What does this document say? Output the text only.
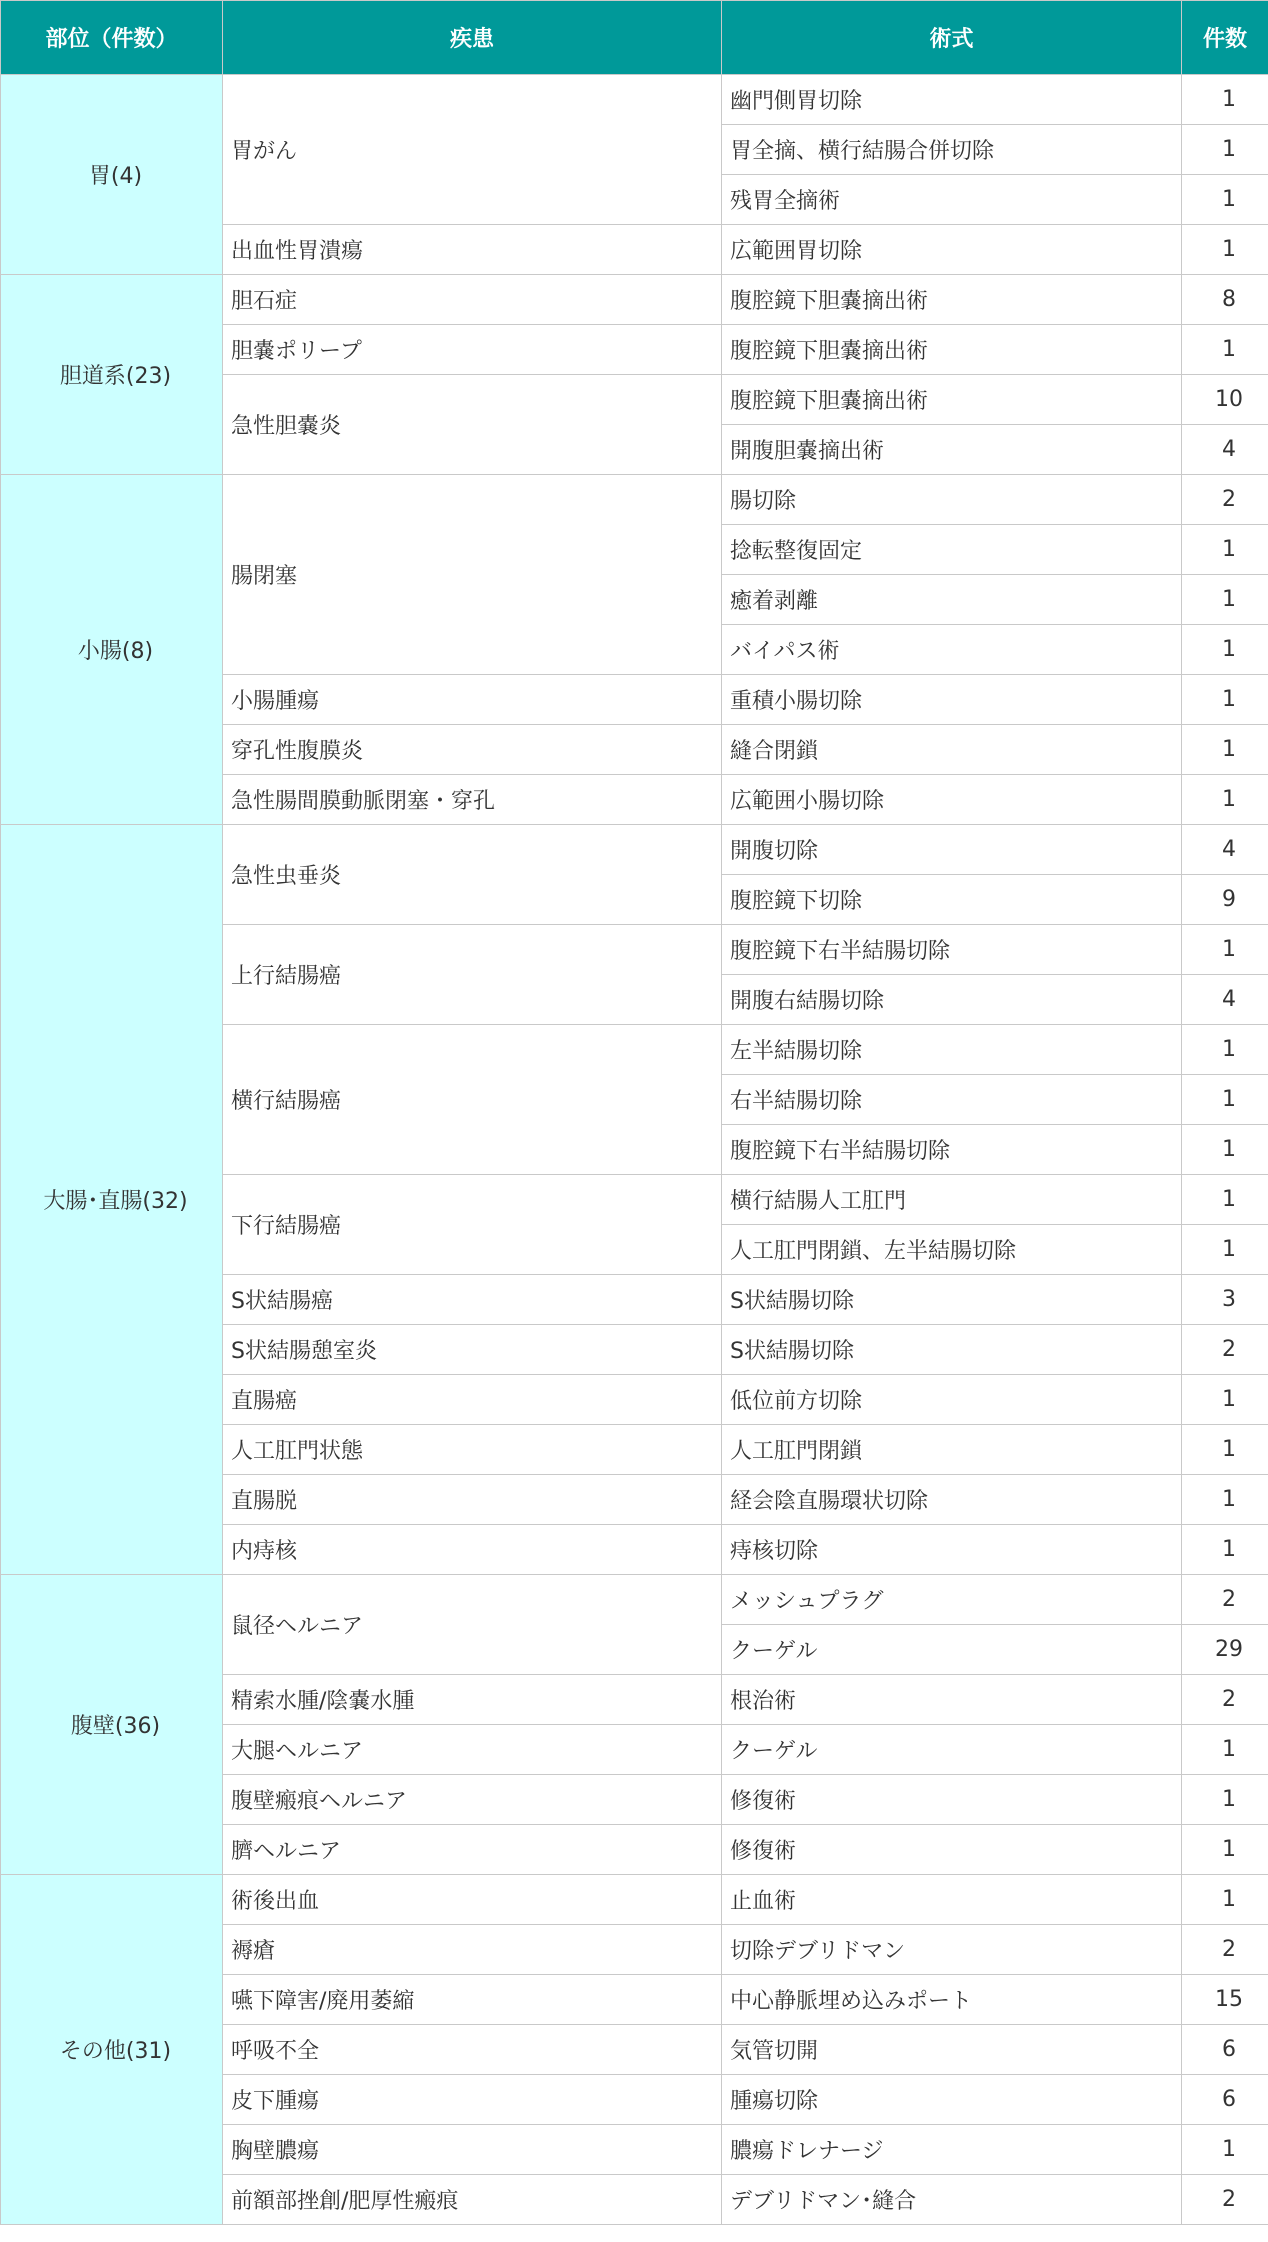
部位（件数）	疾患	術式	件数
胃(4)	胃がん	幽門側胃切除	1
		胃全摘、横行結腸合併切除	1
		残胃全摘術	1
	出血性胃潰瘍	広範囲胃切除	1
胆道系(23)	胆石症	腹腔鏡下胆嚢摘出術	8
	胆嚢ポリープ	腹腔鏡下胆嚢摘出術	1
	急性胆嚢炎	腹腔鏡下胆嚢摘出術	10
		開腹胆嚢摘出術	4
小腸(8)	腸閉塞	腸切除	2
		捻転整復固定	1
		癒着剥離	1
		バイパス術	1
	小腸腫瘍	重積小腸切除	1
	穿孔性腹膜炎	縫合閉鎖	1
	急性腸間膜動脈閉塞・穿孔	広範囲小腸切除	1
大腸･直腸(32)	急性虫垂炎	開腹切除	4
		腹腔鏡下切除	9
	上行結腸癌	腹腔鏡下右半結腸切除	1
		開腹右結腸切除	4
	横行結腸癌	左半結腸切除	1
		右半結腸切除	1
		腹腔鏡下右半結腸切除	1
	下行結腸癌	横行結腸人工肛門	1
		人工肛門閉鎖、左半結腸切除	1
	S状結腸癌	S状結腸切除	3
	S状結腸憩室炎	S状結腸切除	2
	直腸癌	低位前方切除	1
	人工肛門状態	人工肛門閉鎖	1
	直腸脱	経会陰直腸環状切除	1
	内痔核	痔核切除	1
腹壁(36)	鼠径ヘルニア	メッシュプラグ	2
		クーゲル	29
	精索水腫/陰嚢水腫	根治術	2
	大腿ヘルニア	クーゲル	1
	腹壁瘢痕ヘルニア	修復術	1
	臍ヘルニア	修復術	1
その他(31)	術後出血	止血術	1
	褥瘡	切除デブリドマン	2
	嚥下障害/廃用萎縮	中心静脈埋め込みポート	15
	呼吸不全	気管切開	6
	皮下腫瘍	腫瘍切除	6
	胸壁膿瘍	膿瘍ドレナージ	1
	前額部挫創/肥厚性瘢痕	デブリドマン･縫合	2
